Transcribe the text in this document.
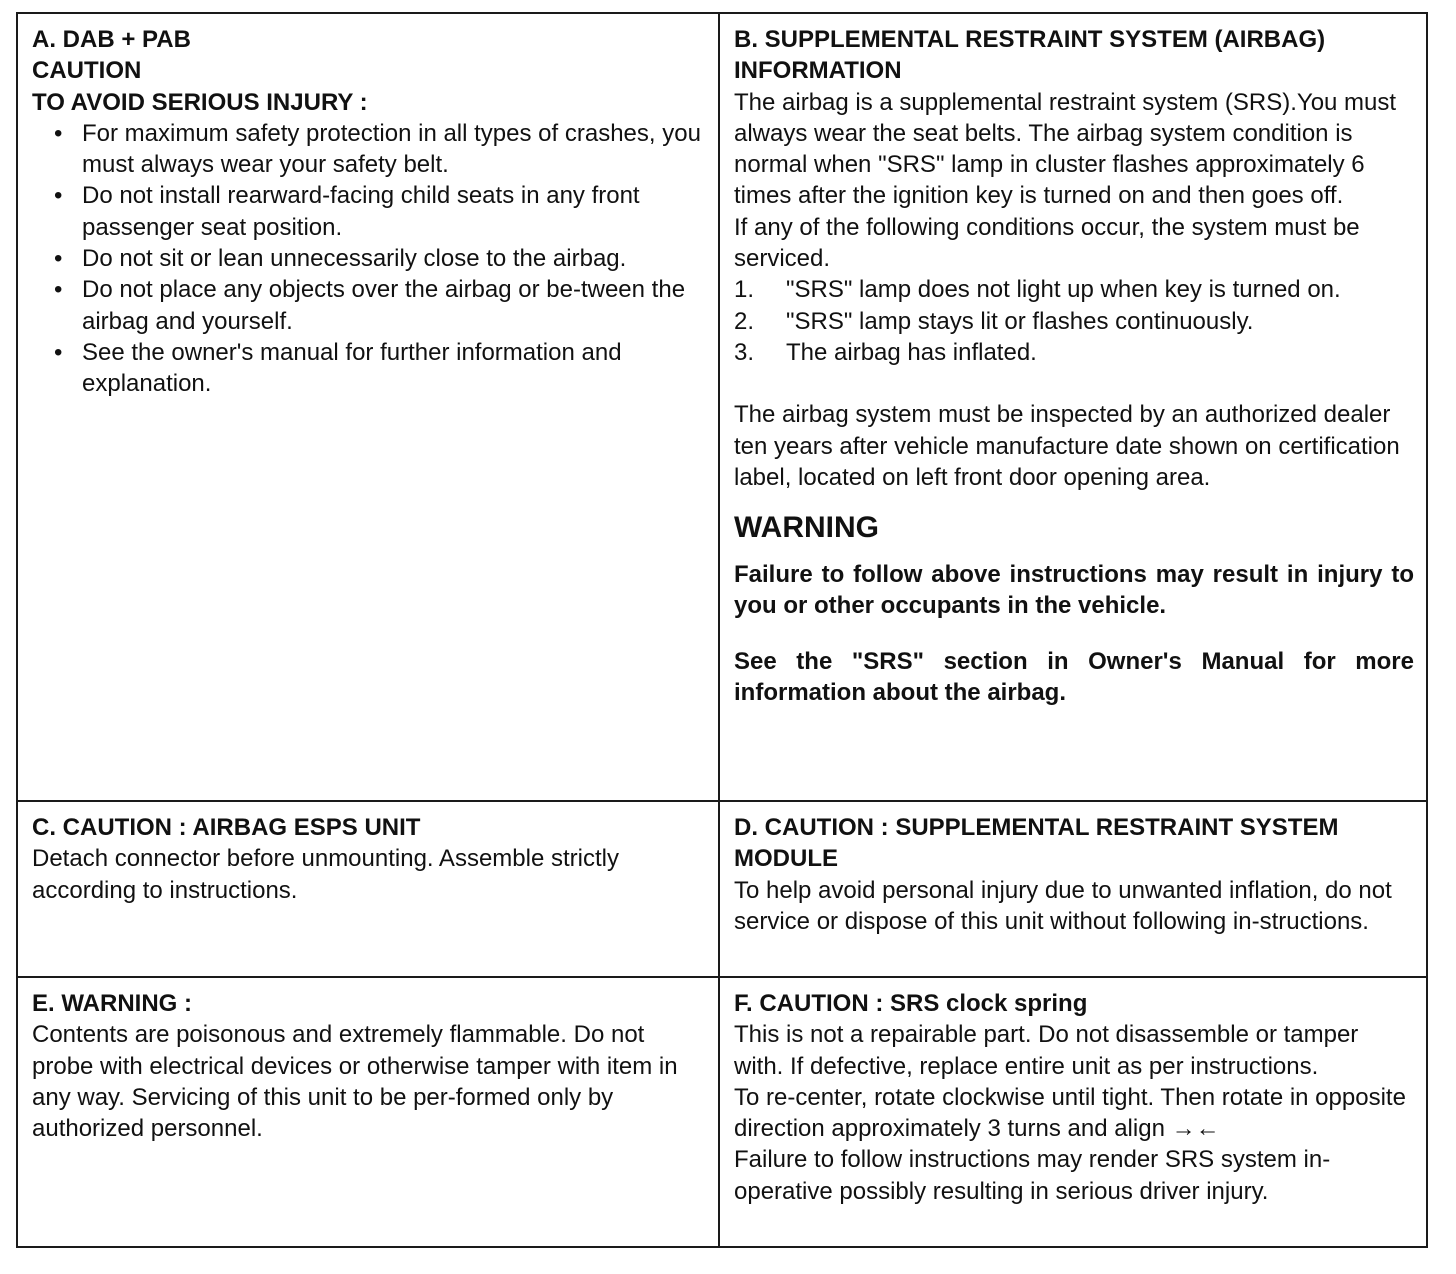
A. DAB + PAB

CAUTION

TO AVOID SERIOUS INJURY :

• For maximum safety protection in all types of crashes, you must always wear your safety belt.
• Do not install rearward-facing child seats in any front passenger seat position.
• Do not sit or lean unnecessarily close to the airbag.
• Do not place any objects over the airbag or be-tween the airbag and yourself.
• See the owner's manual for further information and explanation.

B. SUPPLEMENTAL RESTRAINT SYSTEM (AIRBAG) INFORMATION

The airbag is a supplemental restraint system (SRS).You must always wear the seat belts. The airbag system condition is normal when "SRS" lamp in cluster flashes approximately 6 times after the ignition key is turned on and then goes off.

If any of the following conditions occur, the system must be serviced.

1.	"SRS" lamp does not light up when key is turned on.
2.	"SRS" lamp stays lit or flashes continuously.
3.	The airbag has inflated.

The airbag system must be inspected by an authorized dealer ten years after vehicle manufacture date shown on certification label, located on left front door opening area.

WARNING

Failure to follow above instructions may result in injury to you or other occupants in the vehicle.

See the "SRS" section in Owner's Manual for more information about the airbag.

C. CAUTION : AIRBAG ESPS UNIT

Detach connector before unmounting. Assemble strictly according to instructions.

D. CAUTION : SUPPLEMENTAL RESTRAINT SYSTEM MODULE

To help avoid personal injury due to unwanted inflation, do not service or dispose of this unit without following in-structions.

E. WARNING :

Contents are poisonous and extremely flammable. Do not probe with electrical devices or otherwise tamper with item in any way. Servicing of this unit to be per-formed only by authorized personnel.

F. CAUTION : SRS clock spring

This is not a repairable part. Do not disassemble or tamper with. If defective, replace entire unit as per instructions.

To re-center, rotate clockwise until tight. Then rotate in opposite direction approximately 3 turns and align →←

Failure to follow instructions may render SRS system in-operative possibly resulting in serious driver injury.
